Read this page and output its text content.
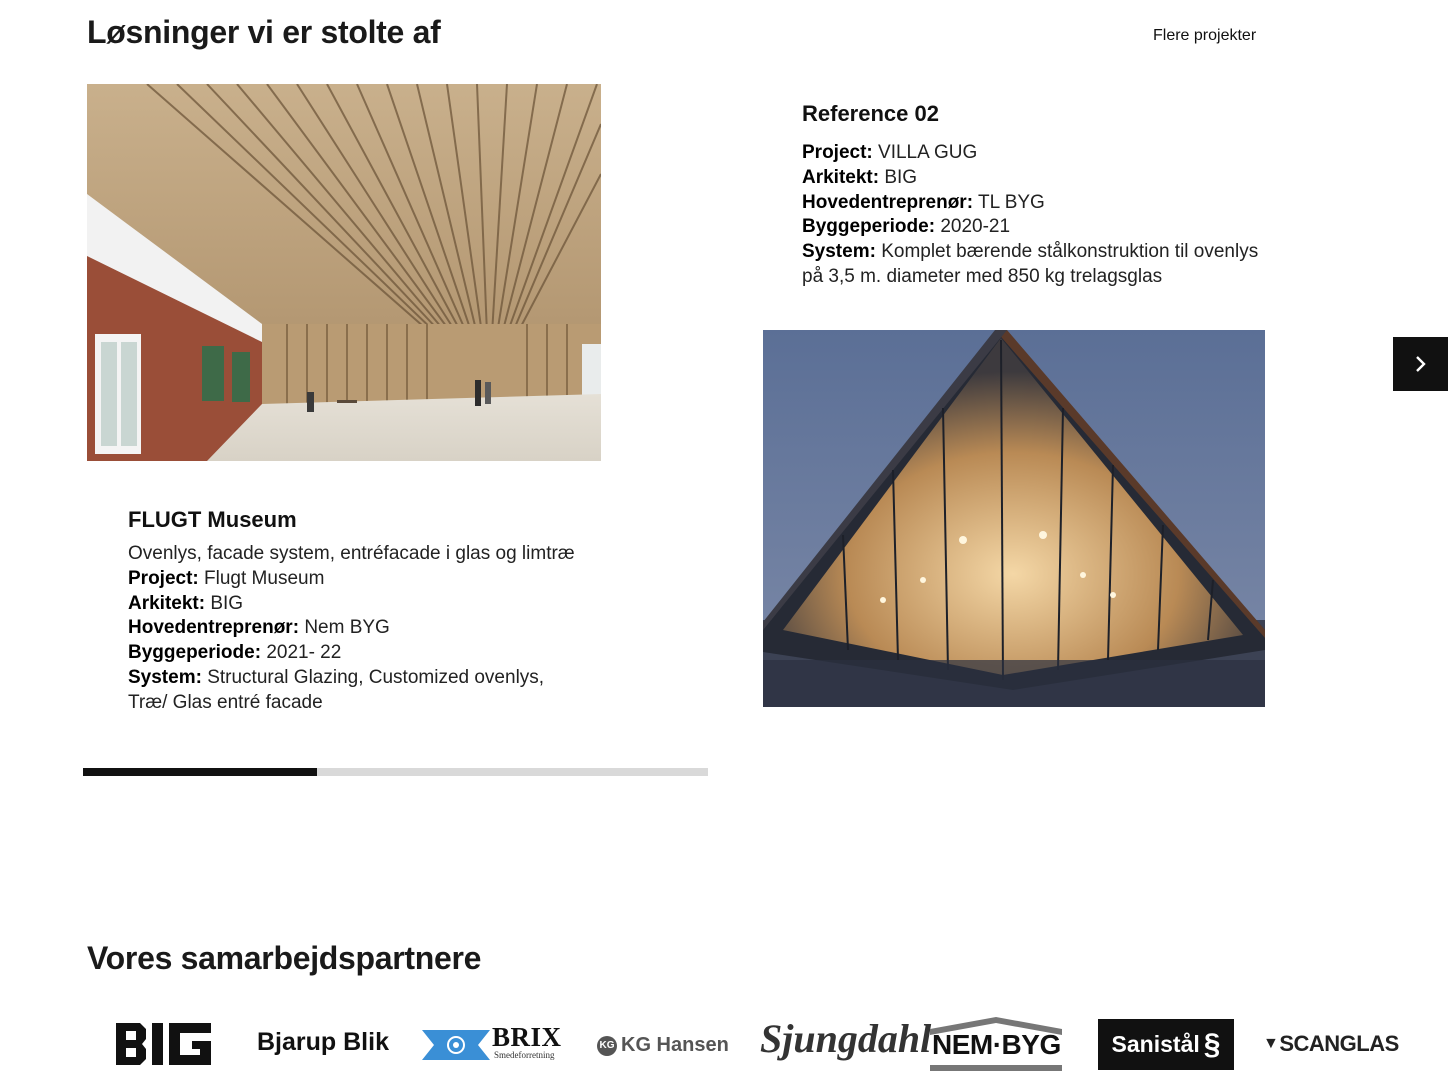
Løsninger vi er stolte af	Flere projekter
FLUGT Museum
Ovenlys, facade system, entréfacade i glas og limtræ
Project: Flugt Museum
Arkitekt: BIG
Hovedentreprenør: Nem BYG
Byggeperiode: 2021- 22
System: Structural Glazing, Customized ovenlys, Træ/ Glas entré facade
Reference 02
Project: VILLA GUG
Arkitekt: BIG
Hovedentreprenør: TL BYG
Byggeperiode: 2020-21
System: Komplet bærende stålkonstruktion til ovenlys på 3,5 m. diameter med 850 kg trelagsglas
Vores samarbejdspartnere
Bjarup Blik	BRIX
Smedeforretning
KG KG Hansen Sjungdahl NEM·BYG Sanistål §	▼ SCANGLAS
